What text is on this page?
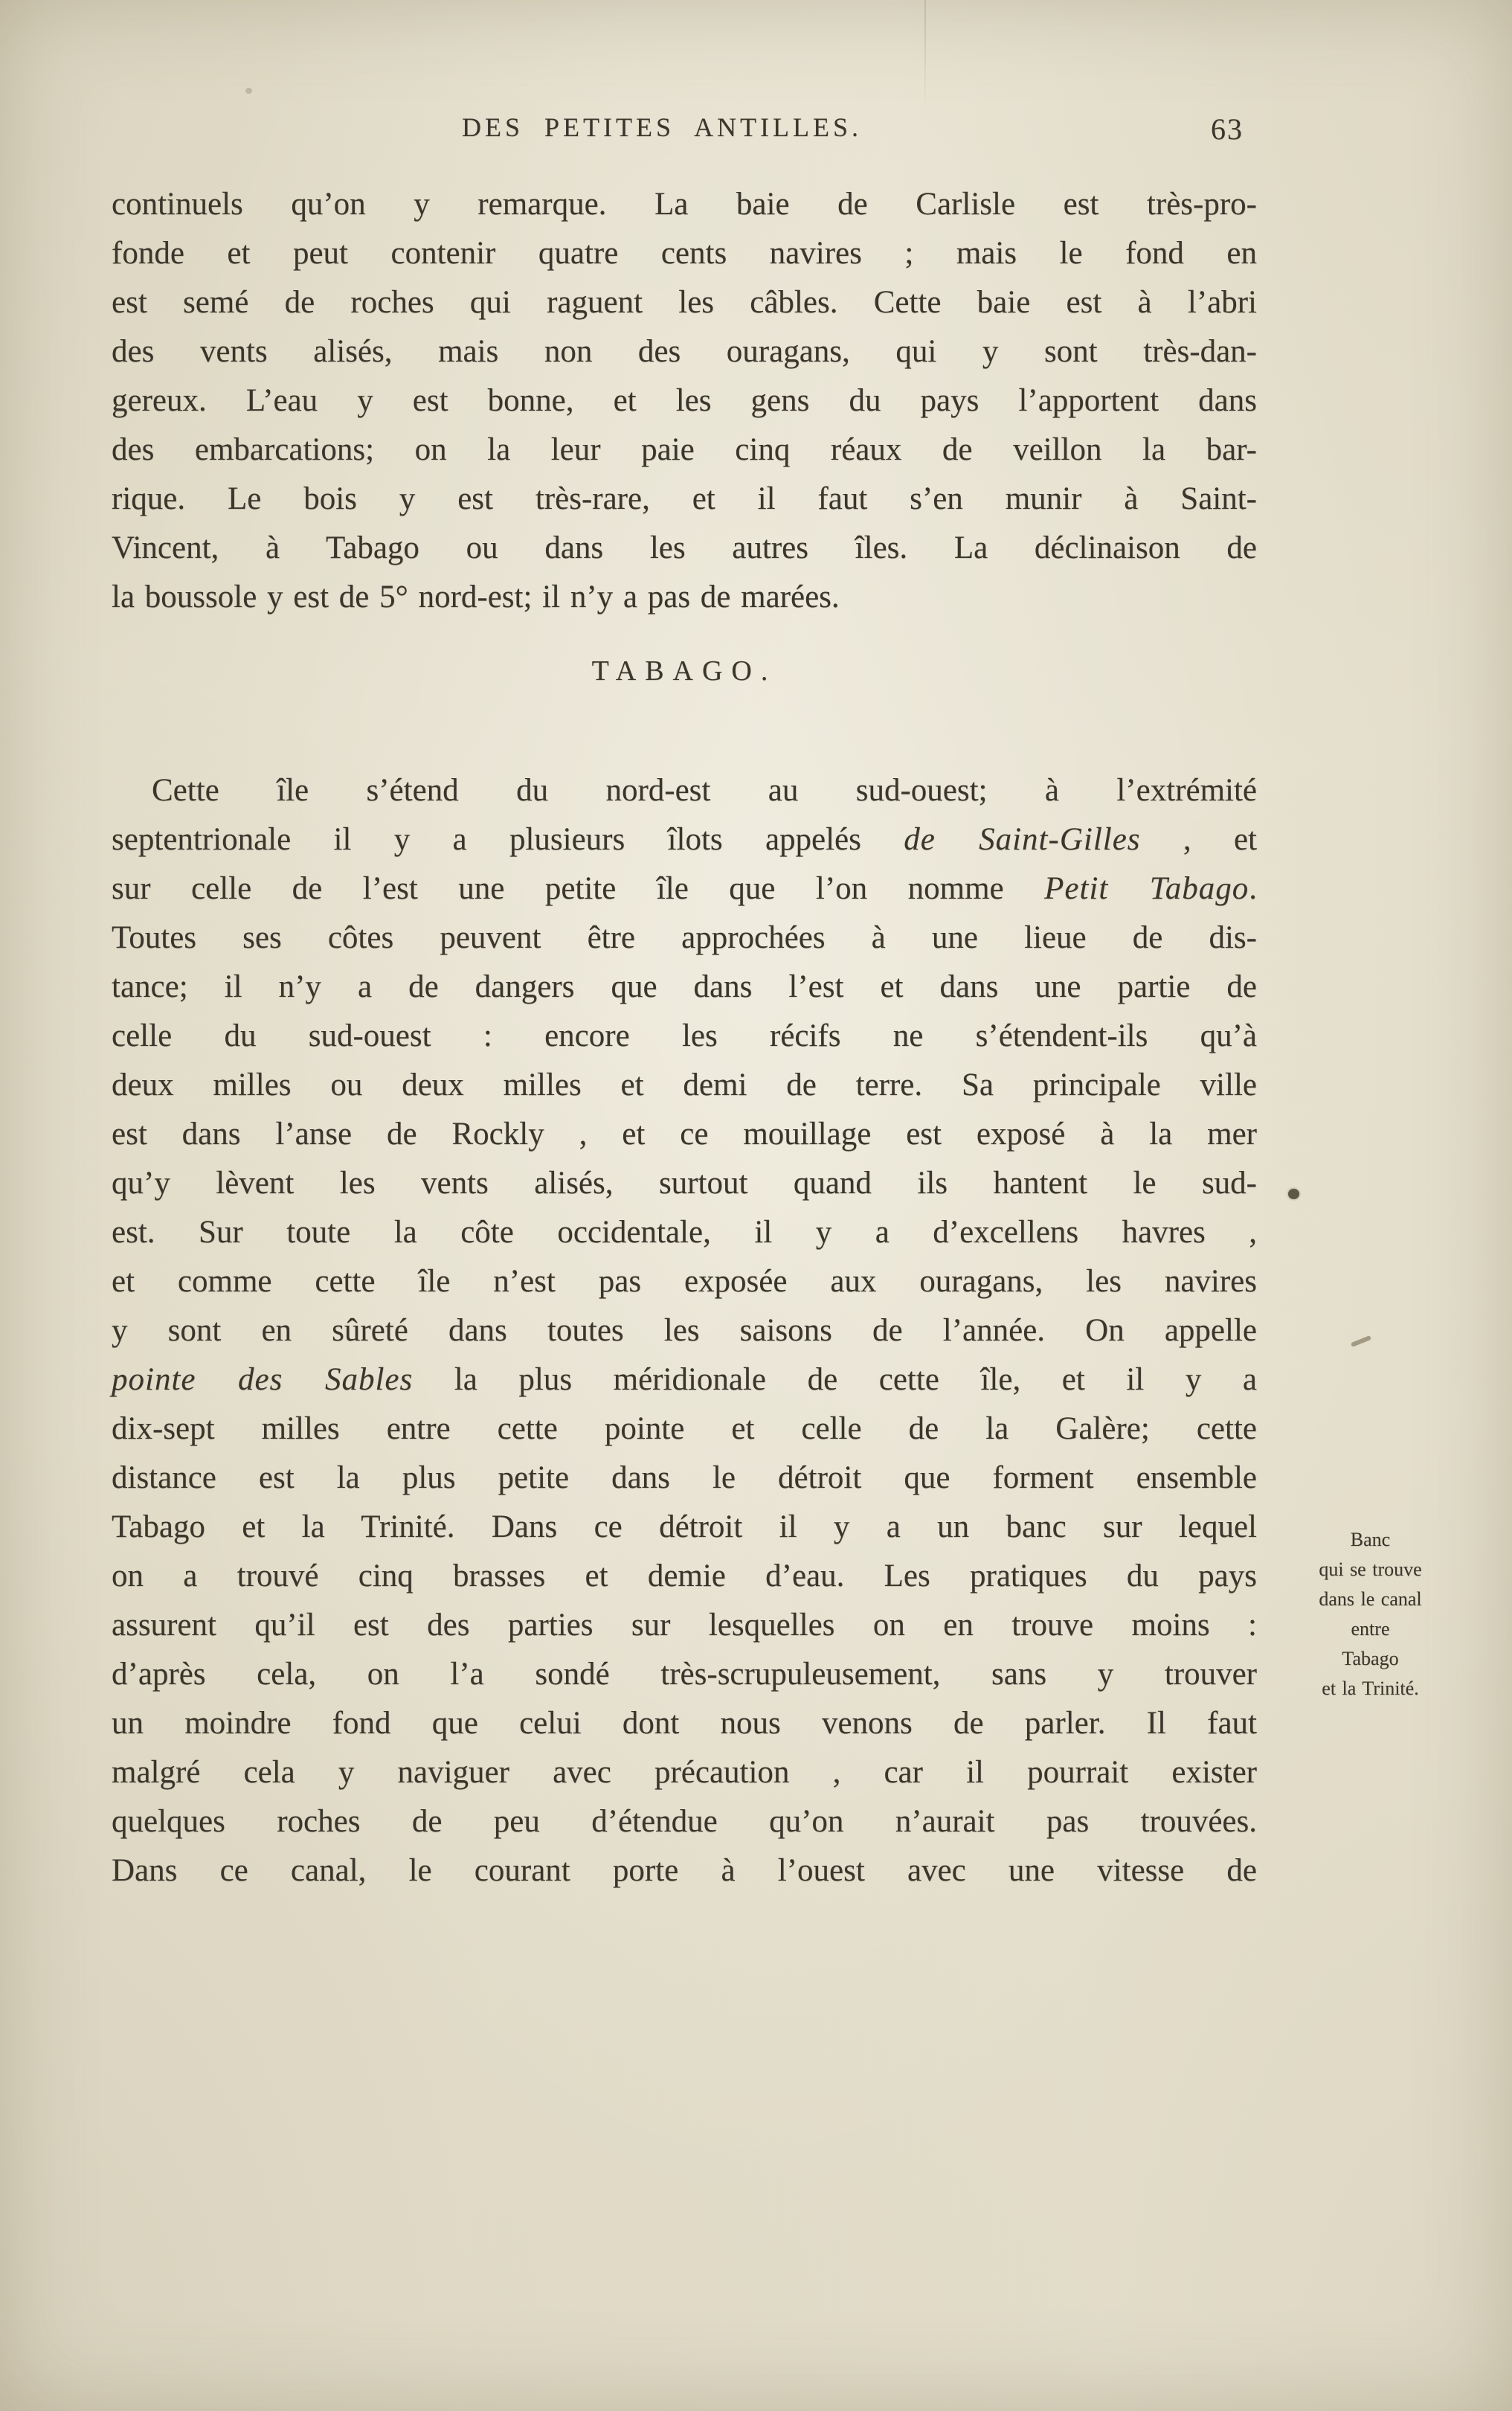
DES PETITES ANTILLES.	63
continuels qu’on y remarque. La baie de Carlisle est très-pro-
fonde et peut contenir quatre cents navires ; mais le fond en
est semé de roches qui raguent les câbles. Cette baie est à l’abri
des vents alisés, mais non des ouragans, qui y sont très-dan-
gereux. L’eau y est bonne, et les gens du pays l’apportent dans
des embarcations; on la leur paie cinq réaux de veillon la bar-
rique. Le bois y est très-rare, et il faut s’en munir à Saint-
Vincent, à Tabago ou dans les autres îles. La déclinaison de
la boussole y est de 5° nord-est; il n’y a pas de marées.
TABAGO.
Cette île s’étend du nord-est au sud-ouest; à l’extrémité
septentrionale il y a plusieurs îlots appelés de Saint-Gilles , et
sur celle de l’est une petite île que l’on nomme Petit Tabago.
Toutes ses côtes peuvent être approchées à une lieue de dis-
tance; il n’y a de dangers que dans l’est et dans une partie de
celle du sud-ouest : encore les récifs ne s’étendent-ils qu’à
deux milles ou deux milles et demi de terre. Sa principale ville
est dans l’anse de Rockly , et ce mouillage est exposé à la mer
qu’y lèvent les vents alisés, surtout quand ils hantent le sud-
est. Sur toute la côte occidentale, il y a d’excellens havres ,
et comme cette île n’est pas exposée aux ouragans, les navires
y sont en sûreté dans toutes les saisons de l’année. On appelle
pointe des Sables la plus méridionale de cette île, et il y a
dix-sept milles entre cette pointe et celle de la Galère; cette
distance est la plus petite dans le détroit que forment ensemble
Tabago et la Trinité. Dans ce détroit il y a un banc sur lequel
on a trouvé cinq brasses et demie d’eau. Les pratiques du pays
assurent qu’il est des parties sur lesquelles on en trouve moins :
d’après cela, on l’a sondé très-scrupuleusement, sans y trouver
un moindre fond que celui dont nous venons de parler. Il faut
malgré cela y naviguer avec précaution , car il pourrait exister
quelques roches de peu d’étendue qu’on n’aurait pas trouvées.
Dans ce canal, le courant porte à l’ouest avec une vitesse de
Banc
qui se trouve
dans le canal
entre
Tabago
et la Trinité.
